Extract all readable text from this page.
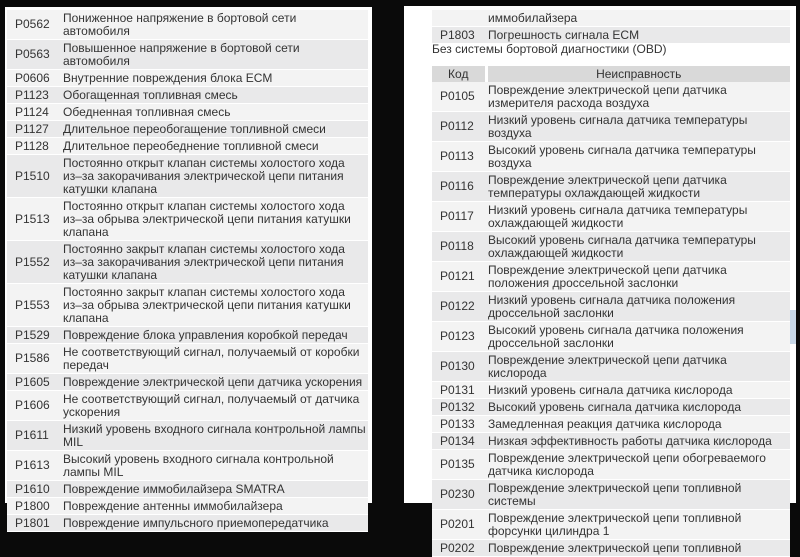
P0562	Пониженное напряжение в бортовой сети автомобиля
P0563	Повышенное напряжение в бортовой сети автомобиля
P0606	Внутренние повреждения блока ECM
P1123	Обогащенная топливная смесь
P1124	Обедненная топливная смесь
P1127	Длительное переобогащение топливной смеси
P1128	Длительное переобеднение топливной смеси
P1510	Постоянно открыт клапан системы холостого хода из–за закорачивания электрической цепи питания катушки клапана
P1513	Постоянно открыт клапан системы холостого хода из–за обрыва электрической цепи питания катушки клапана
P1552	Постоянно закрыт клапан системы холостого хода из–за закорачивания электрической цепи питания катушки клапана
P1553	Постоянно закрыт клапан системы холостого хода из–за обрыва электрической цепи питания катушки клапана
P1529	Повреждение блока управления коробкой передач
P1586	Не соответствующий сигнал, получаемый от коробки передач
P1605	Повреждение электрической цепи датчика ускорения
P1606	Не соответствующий сигнал, получаемый от датчика ускорения
P1611	Низкий уровень входного сигнала контрольной лампы MIL
P1613	Высокий уровень входного сигнала контрольной лампы MIL
P1610	Повреждение иммобилайзера SMATRA
P1800	Повреждение антенны иммобилайзера
P1801	Повреждение импульсного приемопередатчика
	иммобилайзера
P1803	Погрешность сигнала ECM
Без системы бортовой диагностики (OBD)
Код	Неисправность
P0105	Повреждение электрической цепи датчика измерителя расхода воздуха
P0112	Низкий уровень сигнала датчика температуры воздуха
P0113	Высокий уровень сигнала датчика температуры воздуха
P0116	Повреждение электрической цепи датчика температуры охлаждающей жидкости
P0117	Низкий уровень сигнала датчика температуры охлаждающей жидкости
P0118	Высокий уровень сигнала датчика температуры охлаждающей жидкости
P0121	Повреждение электрической цепи датчика положения дроссельной заслонки
P0122	Низкий уровень сигнала датчика положения дроссельной заслонки
P0123	Высокий уровень сигнала датчика положения дроссельной заслонки
P0130	Повреждение электрической цепи датчика кислорода
P0131	Низкий уровень сигнала датчика кислорода
P0132	Высокий уровень сигнала датчика кислорода
P0133	Замедленная реакция датчика кислорода
P0134	Низкая эффективность работы датчика кислорода
P0135	Повреждение электрической цепи обогреваемого датчика кислорода
P0230	Повреждение электрической цепи топливной системы
P0201	Повреждение электрической цепи топливной форсунки цилиндра 1
P0202	Повреждение электрической цепи топливной
